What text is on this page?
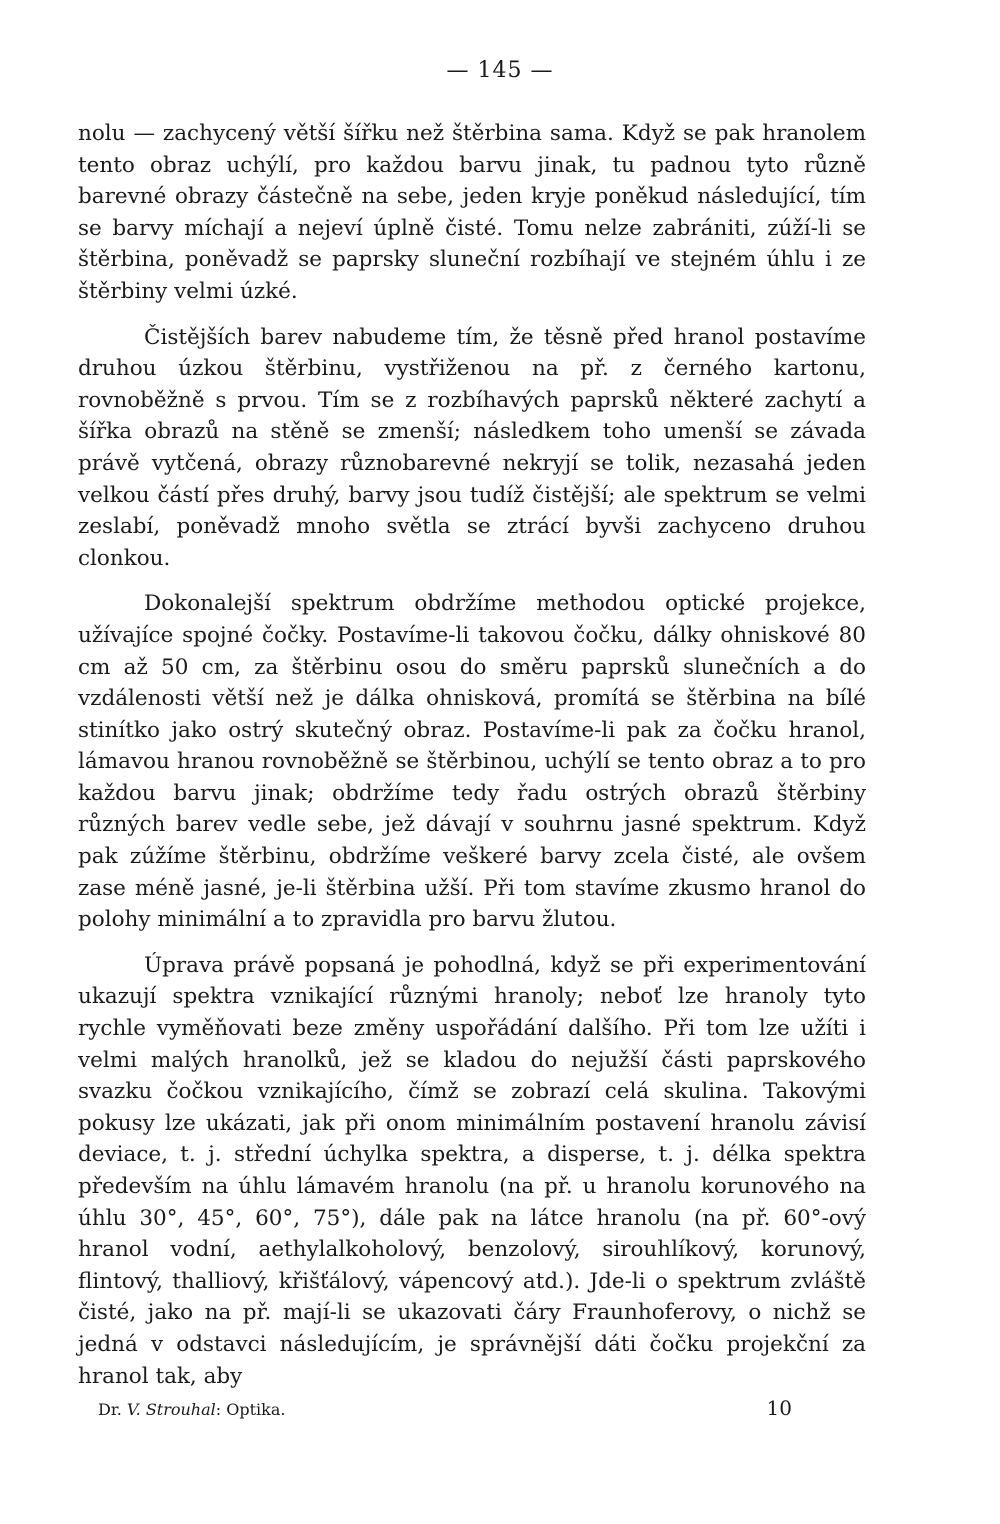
— 145 —

nolu — zachycený větší šířku než štěrbina sama. Když se pak hranolem tento obraz uchýlí, pro každou barvu jinak, tu padnou tyto různě barevné obrazy částečně na sebe, jeden kryje poněkud následující, tím se barvy míchají a nejeví úplně čisté. Tomu nelze zabrániti, zúží-li se štěrbina, poněvadž se paprsky sluneční rozbíhají ve stejném úhlu i ze štěrbiny velmi úzké.

Čistějších barev nabudeme tím, že těsně před hranol postavíme druhou úzkou štěrbinu, vystřiženou na př. z černého kartonu, rovnoběžně s prvou. Tím se z rozbíhavých paprsků některé zachytí a šířka obrazů na stěně se zmenší; následkem toho umenší se závada právě vytčená, obrazy různobarevné nekryjí se tolik, nezasahá jeden velkou částí přes druhý, barvy jsou tudíž čistější; ale spektrum se velmi zeslabí, poněvadž mnoho světla se ztrácí byvši zachyceno druhou clonkou.

Dokonalejší spektrum obdržíme methodou optické projekce, užívajíce spojné čočky. Postavíme-li takovou čočku, dálky ohniskové 80 cm až 50 cm, za štěrbinu osou do směru paprsků slunečních a do vzdálenosti větší než je dálka ohnisková, promítá se štěrbina na bílé stinítko jako ostrý skutečný obraz. Postavíme-li pak za čočku hranol, lámavou hranou rovnoběžně se štěrbinou, uchýlí se tento obraz a to pro každou barvu jinak; obdržíme tedy řadu ostrých obrazů štěrbiny různých barev vedle sebe, jež dávají v souhrnu jasné spektrum. Když pak zúžíme štěrbinu, obdržíme veškeré barvy zcela čisté, ale ovšem zase méně jasné, je-li štěrbina užší. Při tom stavíme zkusmo hranol do polohy minimální a to zpravidla pro barvu žlutou.

Úprava právě popsaná je pohodlná, když se při experimentování ukazují spektra vznikající různými hranoly; neboť lze hranoly tyto rychle vyměňovati beze změny uspořádání dalšího. Při tom lze užíti i velmi malých hranolků, jež se kladou do nejužší části paprskového svazku čočkou vznikajícího, čímž se zobrazí celá skulina. Takovými pokusy lze ukázati, jak při onom minimálním postavení hranolu závisí deviace, t. j. střední úchylka spektra, a disperse, t. j. délka spektra především na úhlu lámavém hranolu (na př. u hranolu korunového na úhlu 30°, 45°, 60°, 75°), dále pak na látce hranolu (na př. 60°-ový hranol vodní, aethylalkoholový, benzolový, sirouhlíkový, korunový, flintový, thalliový, křišťálový, vápencový atd.). Jde-li o spektrum zvláště čisté, jako na př. mají-li se ukazovati čáry Fraunhoferovy, o nichž se jedná v odstavci následujícím, je správnější dáti čočku projekční za hranol tak, aby

Dr. V. Strouhal: Optika.	10
